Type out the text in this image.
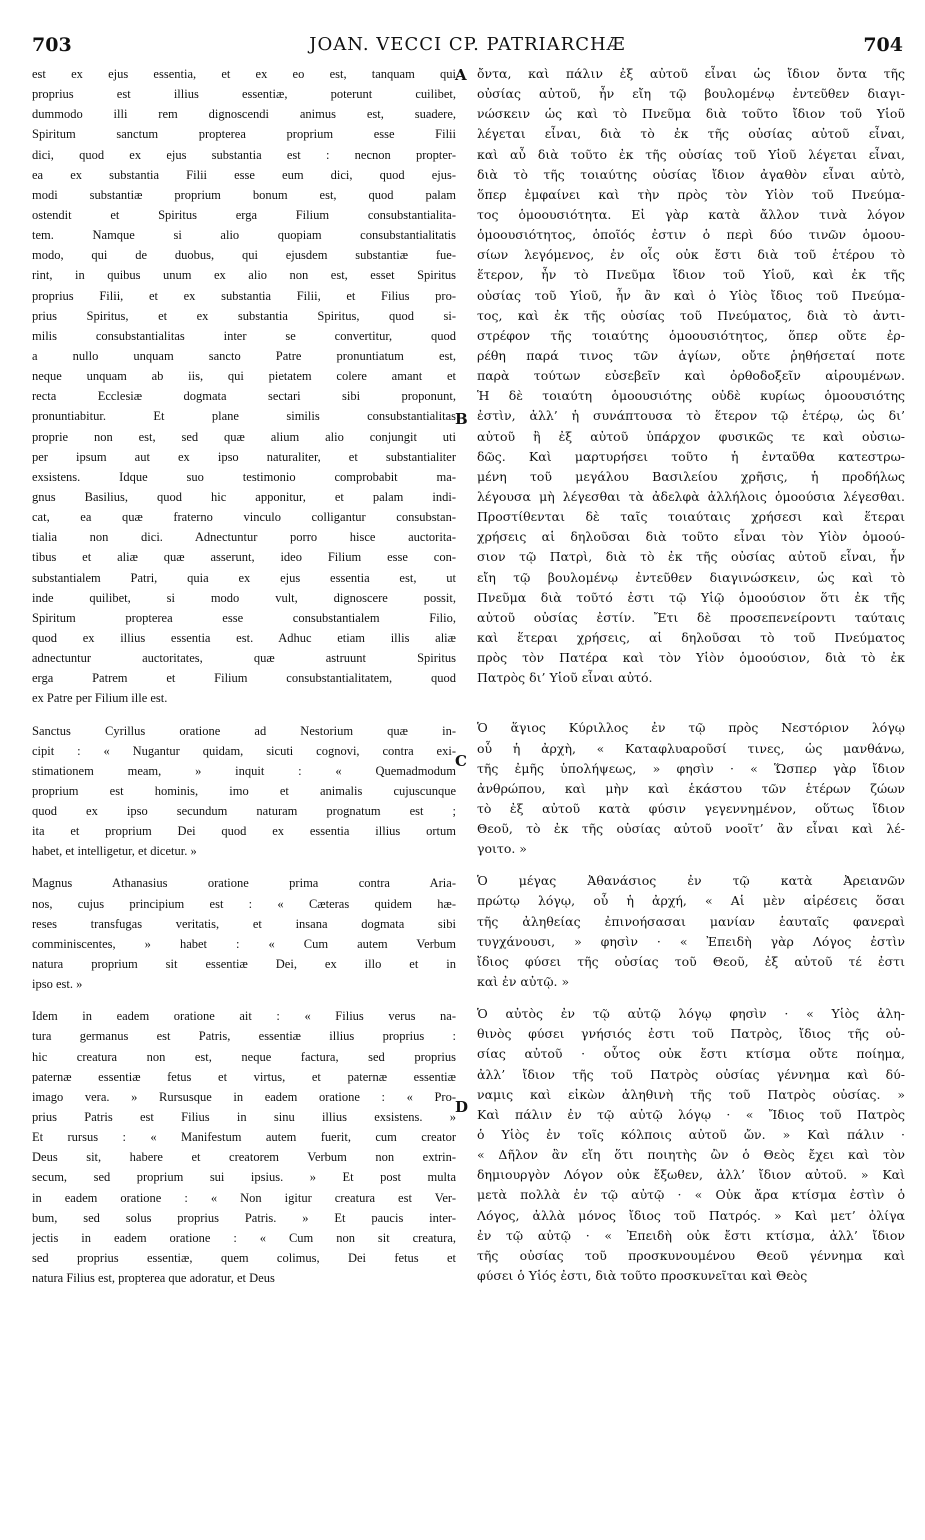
703	JOAN. VECCI CP. PATRIARCHÆ	704
A
B
C
D
est ex ejus essentia, et ex eo est, tanquam qui
proprius est illius essentiæ, poterunt cuilibet,
dummodo illi rem dignoscendi animus est, suadere,
Spiritum sanctum propterea proprium esse Filii
dici, quod ex ejus substantia est : necnon propter-
ea ex substantia Filii esse eum dici, quod ejus-
modi substantiæ proprium bonum est, quod palam
ostendit et Spiritus erga Filium consubstantialita-
tem. Namque si alio quopiam consubstantialitatis
modo, qui de duobus, qui ejusdem substantiæ fue-
rint, in quibus unum ex alio non est, esset Spiritus
proprius Filii, et ex substantia Filii, et Filius pro-
prius Spiritus, et ex substantia Spiritus, quod si-
milis consubstantialitas inter se convertitur, quod
a nullo unquam sancto Patre pronuntiatum est,
neque unquam ab iis, qui pietatem colere amant et
recta Ecclesiæ dogmata sectari sibi proponunt,
pronuntiabitur. Et plane similis consubstantialitas
proprie non est, sed quæ alium alio conjungit uti
per ipsum aut ex ipso naturaliter, et substantialiter
exsistens. Idque suo testimonio comprobabit ma-
gnus Basilius, quod hic apponitur, et palam indi-
cat, ea quæ fraterno vinculo colligantur consubstan-
tialia non dici. Adnectuntur porro hisce auctorita-
tibus et aliæ quæ asserunt, ideo Filium esse con-
substantialem Patri, quia ex ejus essentia est, ut
inde quilibet, si modo vult, dignoscere possit,
Spiritum propterea esse consubstantialem Filio,
quod ex illius essentia est. Adhuc etiam illis aliæ
adnectuntur auctoritates, quæ astruunt Spiritus
erga Patrem et Filium consubstantialitatem, quod
ex Patre per Filium ille est.
Sanctus Cyrillus oratione ad Nestorium quæ in-
cipit : « Nugantur quidam, sicuti cognovi, contra exi-
stimationem meam, » inquit : « Quemadmodum
proprium est hominis, imo et animalis cujuscunque
quod ex ipso secundum naturam prognatum est ;
ita et proprium Dei quod ex essentia illius ortum
habet, et intelligetur, et dicetur. »
Magnus Athanasius oratione prima contra Aria-
nos, cujus principium est : « Cæteras quidem hæ-
reses transfugas veritatis, et insana dogmata sibi
comminiscentes, » habet : « Cum autem Verbum
natura proprium sit essentiæ Dei, ex illo et in
ipso est. »
Idem in eadem oratione ait : « Filius verus na-
tura germanus est Patris, essentiæ illius proprius :
hic creatura non est, neque factura, sed proprius
paternæ essentiæ fetus et virtus, et paternæ essentiæ
imago vera. » Rursusque in eadem oratione : « Pro-
prius Patris est Filius in sinu illius exsistens. »
Et rursus : « Manifestum autem fuerit, cum creator
Deus sit, habere et creatorem Verbum non extrin-
secum, sed proprium sui ipsius. » Et post multa
in eadem oratione : « Non igitur creatura est Ver-
bum, sed solus proprius Patris. » Et paucis inter-
jectis in eadem oratione : « Cum non sit creatura,
sed proprius essentiæ, quem colimus, Dei fetus et
natura Filius est, propterea que adoratur, et Deus
ὄντα, καὶ πάλιν ἐξ αὐτοῦ εἶναι ὡς ἴδιον ὄντα τῆς
οὐσίας αὐτοῦ, ἦν εἴη τῷ βουλομένῳ ἐντεῦθεν διαγι-
νώσκειν ὡς καὶ τὸ Πνεῦμα διὰ τοῦτο ἴδιον τοῦ Υἱοῦ
λέγεται εἶναι, διὰ τὸ ἐκ τῆς οὐσίας αὐτοῦ εἶναι,
καὶ αὖ διὰ τοῦτο ἐκ τῆς οὐσίας τοῦ Υἱοῦ λέγεται εἶναι,
διὰ τὸ τῆς τοιαύτης οὐσίας ἴδιον ἀγαθὸν εἶναι αὐτὸ,
ὅπερ ἐμφαίνει καὶ τὴν πρὸς τὸν Υἱὸν τοῦ Πνεύμα-
τος ὁμοουσιότητα. Εἰ γὰρ κατὰ ἄλλον τινὰ λόγον
ὁμοουσιότητος, ὁποῖός ἐστιν ὁ περὶ δύο τινῶν ὁμοου-
σίων λεγόμενος, ἐν οἷς οὐκ ἔστι διὰ τοῦ ἑτέρου τὸ
ἕτερον, ἦν τὸ Πνεῦμα ἴδιον τοῦ Υἱοῦ, καὶ ἐκ τῆς
οὐσίας τοῦ Υἱοῦ, ἦν ἂν καὶ ὁ Υἱὸς ἴδιος τοῦ Πνεύμα-
τος, καὶ ἐκ τῆς οὐσίας τοῦ Πνεύματος, διὰ τὸ ἀντι-
στρέφον τῆς τοιαύτης ὁμοουσιότητος, ὅπερ οὔτε ἐρ-
ρέθη παρά τινος τῶν ἁγίων, οὔτε ῥηθήσεταί ποτε
παρὰ τούτων εὐσεβεῖν καὶ ὀρθοδοξεῖν αἱρουμένων.
Ἡ δὲ τοιαύτη ὁμοουσιότης οὐδὲ κυρίως ὁμοουσιότης
ἐστὶν, ἀλλ’ ἡ συνάπτουσα τὸ ἕτερον τῷ ἑτέρῳ, ὡς δι’
αὐτοῦ ἢ ἐξ αὐτοῦ ὑπάρχον φυσικῶς τε καὶ οὐσιω-
δῶς. Καὶ μαρτυρήσει τοῦτο ἡ ἐνταῦθα κατεστρω-
μένη τοῦ μεγάλου Βασιλείου χρῆσις, ἡ προδήλως
λέγουσα μὴ λέγεσθαι τὰ ἀδελφὰ ἀλλήλοις ὁμοούσια λέγεσθαι.
Προστίθενται δὲ ταῖς τοιαύταις χρήσεσι καὶ ἕτεραι
χρήσεις αἱ δηλοῦσαι διὰ τοῦτο εἶναι τὸν Υἱὸν ὁμοού-
σιον τῷ Πατρὶ, διὰ τὸ ἐκ τῆς οὐσίας αὐτοῦ εἶναι, ἦν
εἴη τῷ βουλομένῳ ἐντεῦθεν διαγινώσκειν, ὡς καὶ τὸ
Πνεῦμα διὰ τοῦτό ἐστι τῷ Υἱῷ ὁμοούσιον ὅτι ἐκ τῆς
αὐτοῦ οὐσίας ἐστίν. Ἔτι δὲ προσεπενείροντι ταύταις
καὶ ἕτεραι χρήσεις, αἱ δηλοῦσαι τὸ τοῦ Πνεύματος
πρὸς τὸν Πατέρα καὶ τὸν Υἱὸν ὁμοούσιον, διὰ τὸ ἐκ
Πατρὸς δι’ Υἱοῦ εἶναι αὐτό.
Ὁ ἅγιος Κύριλλος ἐν τῷ πρὸς Νεστόριον λόγῳ
οὗ ἡ ἀρχὴ, « Καταφλυαροῦσί τινες, ὡς μανθάνω,
τῆς ἐμῆς ὑπολήψεως, » φησὶν · « Ὥσπερ γὰρ ἴδιον
ἀνθρώπου, καὶ μὴν καὶ ἑκάστου τῶν ἑτέρων ζώων
τὸ ἐξ αὐτοῦ κατὰ φύσιν γεγεννημένον, οὕτως ἴδιον
Θεοῦ, τὸ ἐκ τῆς οὐσίας αὐτοῦ νοοῖτ’ ἂν εἶναι καὶ λέ-
γοιτο. »
Ὁ μέγας Ἀθανάσιος ἐν τῷ κατὰ Ἀρειανῶν
πρώτῳ λόγῳ, οὗ ἡ ἀρχή, « Αἱ μὲν αἱρέσεις ὅσαι
τῆς ἀληθείας ἐπινοήσασαι μανίαν ἑαυταῖς φανεραὶ
τυγχάνουσι, » φησὶν · « Ἐπειδὴ γὰρ Λόγος ἐστὶν
ἴδιος φύσει τῆς οὐσίας τοῦ Θεοῦ, ἐξ αὐτοῦ τέ ἐστι
καὶ ἐν αὐτῷ. »
Ὁ αὐτὸς ἐν τῷ αὐτῷ λόγῳ φησὶν · « Υἱὸς ἀλη-
θινὸς φύσει γνήσιός ἐστι τοῦ Πατρὸς, ἴδιος τῆς οὐ-
σίας αὐτοῦ · οὗτος οὐκ ἔστι κτίσμα οὔτε ποίημα,
ἀλλ’ ἴδιον τῆς τοῦ Πατρὸς οὐσίας γέννημα καὶ δύ-
ναμις καὶ εἰκὼν ἀληθινὴ τῆς τοῦ Πατρὸς οὐσίας. »
Καὶ πάλιν ἐν τῷ αὐτῷ λόγῳ · « Ἴδιος τοῦ Πατρὸς
ὁ Υἱὸς ἐν τοῖς κόλποις αὐτοῦ ὤν. » Καὶ πάλιν ·
« Δῆλον ἂν εἴη ὅτι ποιητὴς ὢν ὁ Θεὸς ἔχει καὶ τὸν
δημιουργὸν Λόγον οὐκ ἔξωθεν, ἀλλ’ ἴδιον αὐτοῦ. » Καὶ
μετὰ πολλὰ ἐν τῷ αὐτῷ · « Οὐκ ἄρα κτίσμα ἐστὶν ὁ
Λόγος, ἀλλὰ μόνος ἴδιος τοῦ Πατρός. » Καὶ μετ’ ὀλίγα
ἐν τῷ αὐτῷ · « Ἐπειδὴ οὐκ ἔστι κτίσμα, ἀλλ’ ἴδιον
τῆς οὐσίας τοῦ προσκυνουμένου Θεοῦ γέννημα καὶ
φύσει ὁ Υἱός ἐστι, διὰ τοῦτο προσκυνεῖται καὶ Θεὸς
